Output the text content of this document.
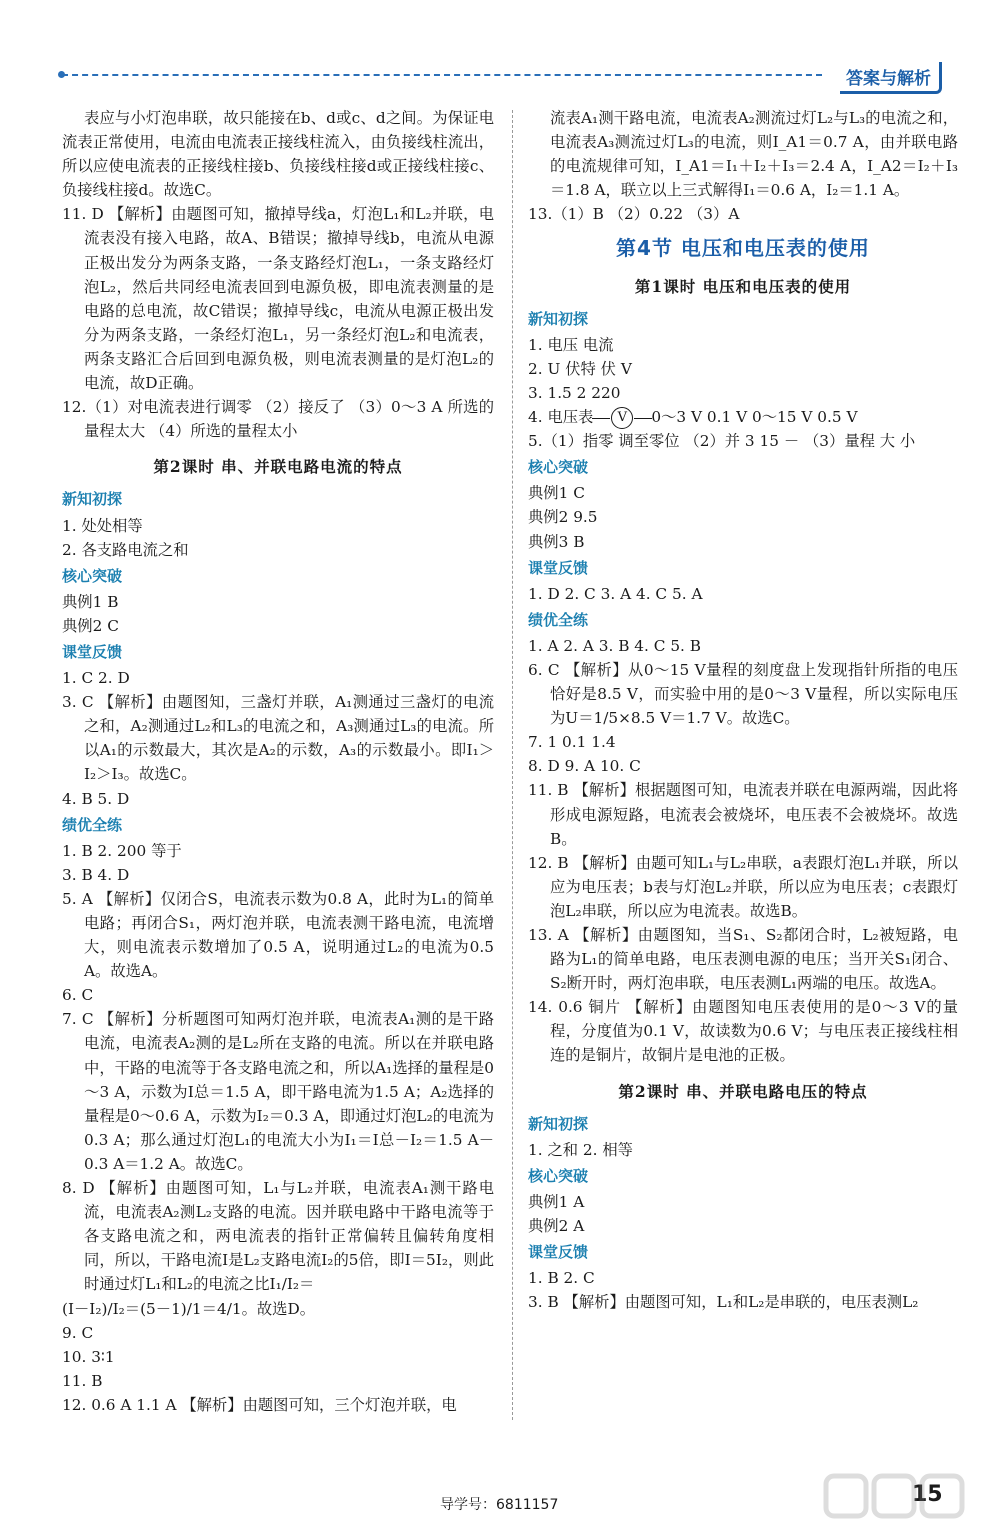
答案与解析

表应与小灯泡串联，故只能接在b、d或c、d之间。为保证电流表正常使用，电流由电流表正接线柱流入，由负接线柱流出，所以应使电流表的正接线柱接b、负接线柱接d或正接线柱接c、负接线柱接d。故选C。

11. D 【解析】由题图可知，撤掉导线a，灯泡L₁和L₂并联，电流表没有接入电路，故A、B错误；撤掉导线b，电流从电源正极出发分为两条支路，一条支路经灯泡L₁，一条支路经灯泡L₂，然后共同经电流表回到电源负极，即电流表测量的是电路的总电流，故C错误；撤掉导线c，电流从电源正极出发分为两条支路，一条经灯泡L₁，另一条经灯泡L₂和电流表，两条支路汇合后回到电源负极，则电流表测量的是灯泡L₂的电流，故D正确。

12.（1）对电流表进行调零 （2）接反了 （3）0～3 A 所选的量程太大 （4）所选的量程太小

第2课时 串、并联电路电流的特点
新知初探

1. 处处相等

2. 各支路电流之和

核心突破

典例1 B

典例2 C

课堂反馈

1. C 2. D

3. C 【解析】由题图知，三盏灯并联，A₁测通过三盏灯的电流之和，A₂测通过L₂和L₃的电流之和，A₃测通过L₃的电流。所以A₁的示数最大，其次是A₂的示数，A₃的示数最小。即I₁＞I₂＞I₃。故选C。

4. B 5. D

绩优全练

1. B 2. 200 等于

3. B 4. D

5. A 【解析】仅闭合S，电流表示数为0.8 A，此时为L₁的简单电路；再闭合S₁，两灯泡并联，电流表测干路电流，电流增大，则电流表示数增加了0.5 A，说明通过L₂的电流为0.5 A。故选A。

6. C

7. C 【解析】分析题图可知两灯泡并联，电流表A₁测的是干路电流，电流表A₂测的是L₂所在支路的电流。所以在并联电路中，干路的电流等于各支路电流之和，所以A₁选择的量程是0～3 A，示数为I总＝1.5 A，即干路电流为1.5 A；A₂选择的量程是0～0.6 A，示数为I₂＝0.3 A，即通过灯泡L₂的电流为0.3 A；那么通过灯泡L₁的电流大小为I₁＝I总－I₂＝1.5 A－0.3 A＝1.2 A。故选C。

8. D 【解析】由题图可知，L₁与L₂并联，电流表A₁测干路电流，电流表A₂测L₂支路的电流。因并联电路中干路电流等于各支路电流之和，两电流表的指针正常偏转且偏转角度相同，所以，干路电流I是L₂支路电流I₂的5倍，即I＝5I₂，则此时通过灯L₁和L₂的电流之比I₁/I₂＝

(I－I₂)/I₂＝(5－1)/1＝4/1。故选D。

9. C

10. 3∶1

11. B

12. 0.6 A 1.1 A 【解析】由题图可知，三个灯泡并联，电

流表A₁测干路电流，电流表A₂测流过灯L₂与L₃的电流之和，电流表A₃测流过灯L₃的电流，则I_A1＝0.7 A，由并联电路的电流规律可知，I_A1＝I₁＋I₂＋I₃＝2.4 A，I_A2＝I₂＋I₃＝1.8 A，联立以上三式解得I₁＝0.6 A，I₂＝1.1 A。

13.（1）B （2）0.22 （3）A

第4节 电压和电压表的使用
第1课时 电压和电压表的使用
新知初探

1. 电压 电流

2. U 伏特 伏 V

3. 1.5 2 220

4. 电压表 V 0～3 V 0.1 V 0～15 V 0.5 V

5.（1）指零 调至零位 （2）并 3 15 － （3）量程 大 小

核心突破

典例1 C

典例2 9.5

典例3 B

课堂反馈

1. D 2. C 3. A 4. C 5. A

绩优全练

1. A 2. A 3. B 4. C 5. B

6. C 【解析】从0～15 V量程的刻度盘上发现指针所指的电压恰好是8.5 V，而实验中用的是0～3 V量程，所以实际电压为U＝1/5×8.5 V＝1.7 V。故选C。

7. 1 0.1 1.4

8. D 9. A 10. C

11. B 【解析】根据题图可知，电流表并联在电源两端，因此将形成电源短路，电流表会被烧坏，电压表不会被烧坏。故选B。

12. B 【解析】由题可知L₁与L₂串联，a表跟灯泡L₁并联，所以应为电压表；b表与灯泡L₂并联，所以应为电压表；c表跟灯泡L₂串联，所以应为电流表。故选B。

13. A 【解析】由题图知，当S₁、S₂都闭合时，L₂被短路，电路为L₁的简单电路，电压表测电源的电压；当开关S₁闭合、S₂断开时，两灯泡串联，电压表测L₁两端的电压。故选A。

14. 0.6 铜片 【解析】由题图知电压表使用的是0～3 V的量程，分度值为0.1 V，故读数为0.6 V；与电压表正接线柱相连的是铜片，故铜片是电池的正极。

第2课时 串、并联电路电压的特点
新知初探

1. 之和 2. 相等

核心突破

典例1 A

典例2 A

课堂反馈

1. B 2. C

3. B 【解析】由题图可知，L₁和L₂是串联的，电压表测L₂

导学号：6811157	15
